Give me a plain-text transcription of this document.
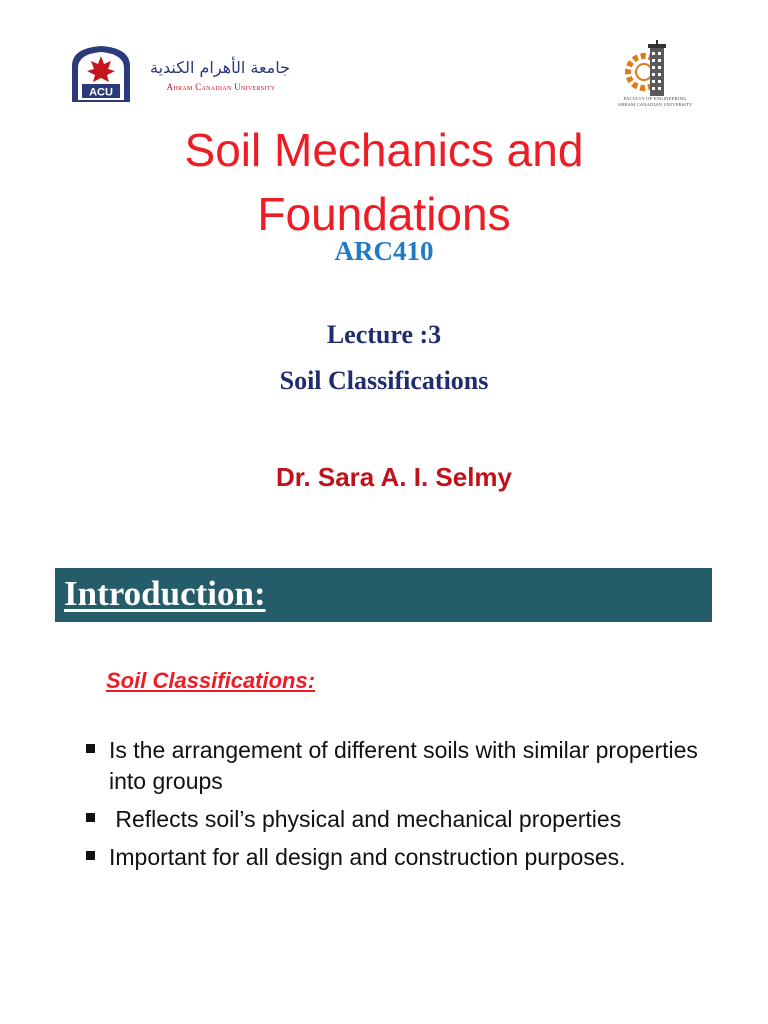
ACU
جامعة الأهرام الكندية
Ahram Canadian University
FACULTY OF ENGINEERING
AHRAM CANADIAN UNIVERSITY
Soil Mechanics and Foundations
ARC410
Lecture :3
Soil Classifications
Dr. Sara A. I. Selmy
Introduction:
Soil Classifications:
Is the arrangement of different soils with similar properties into groups
Reflects soil’s physical and mechanical properties
Important for all design and construction purposes.
